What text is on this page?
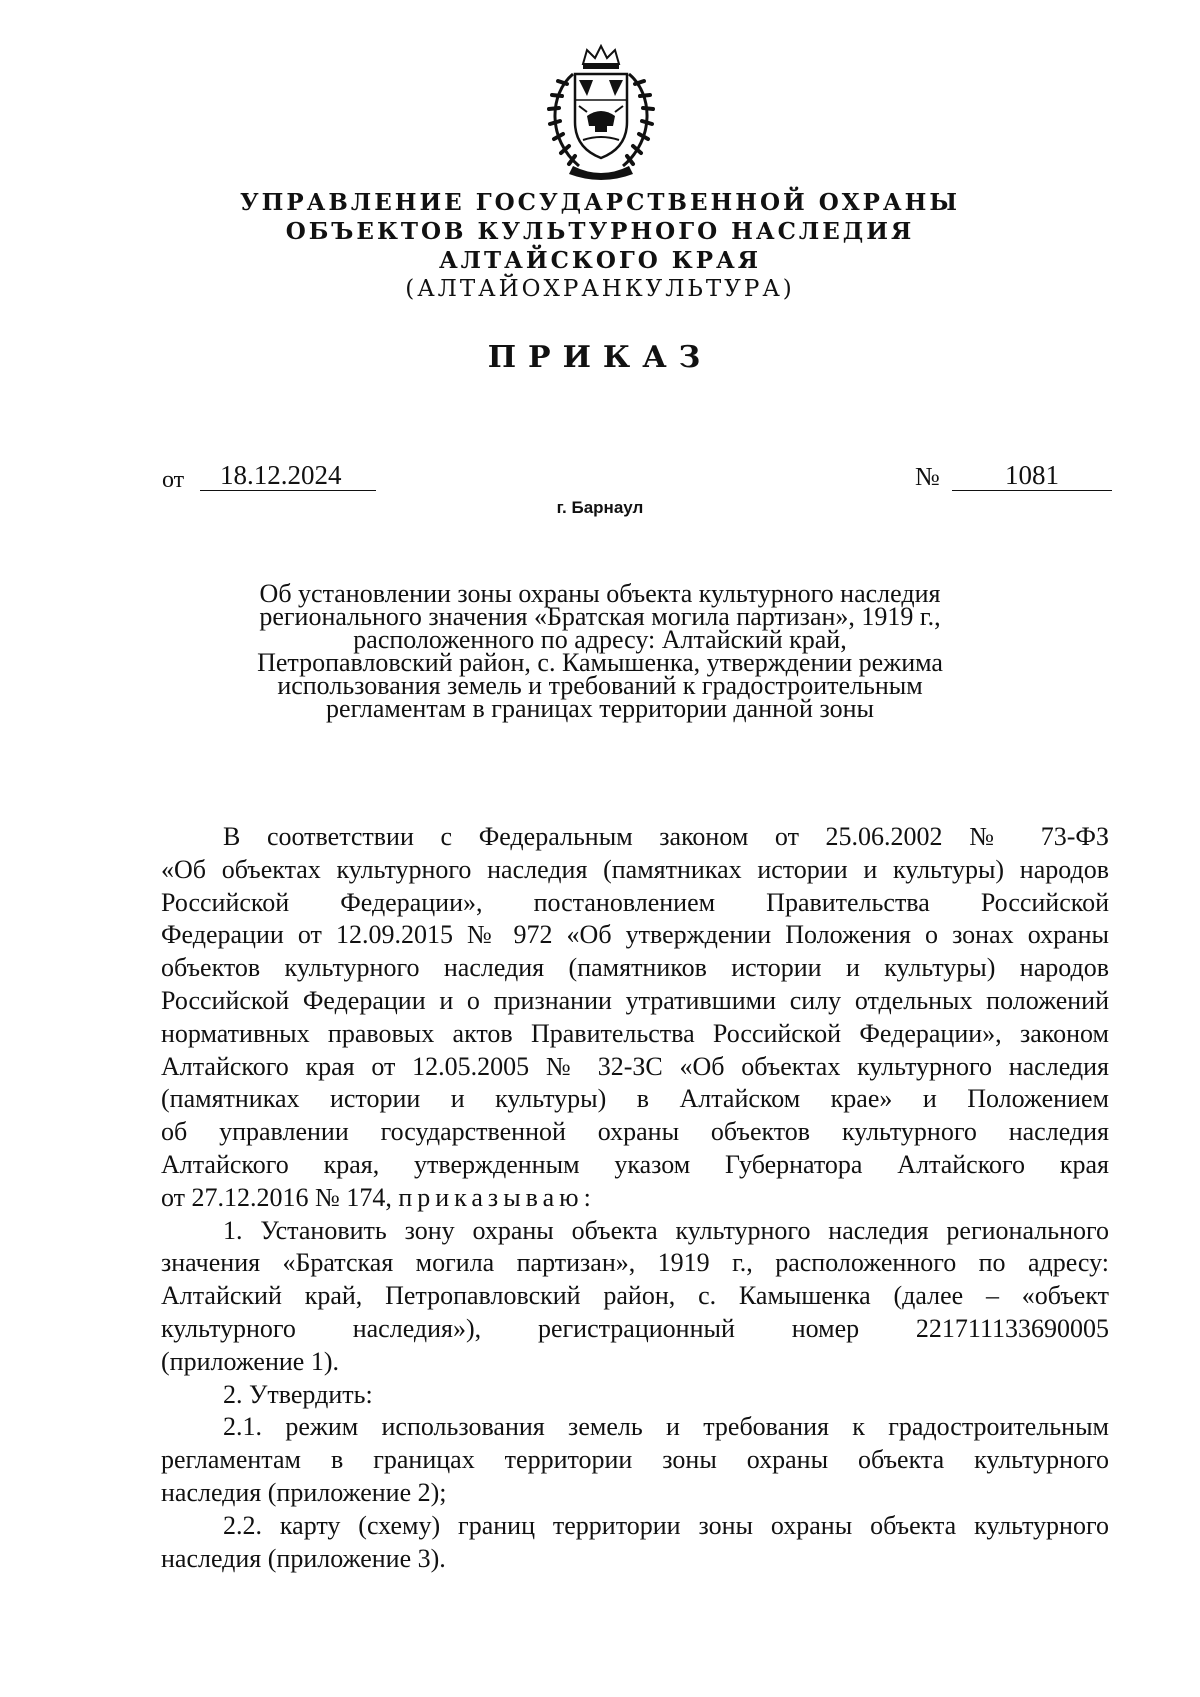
УПРАВЛЕНИЕ ГОСУДАРСТВЕННОЙ ОХРАНЫ
ОБЪЕКТОВ КУЛЬТУРНОГО НАСЛЕДИЯ
АЛТАЙСКОГО КРАЯ
(АЛТАЙОХРАНКУЛЬТУРА)
ПРИКАЗ
от	18.12.2024	№	1081
г. Барнаул
Об установлении зоны охраны объекта культурного наследия
регионального значения «Братская могила партизан», 1919 г.,
расположенного по адресу: Алтайский край,
Петропавловский район, с. Камышенка, утверждении режима
использования земель и требований к градостроительным
регламентам в границах территории данной зоны
В соответствии с Федеральным законом от 25.06.2002 № 73-ФЗ
«Об объектах культурного наследия (памятниках истории и культуры) народов
Российской Федерации», постановлением Правительства Российской
Федерации от 12.09.2015 № 972 «Об утверждении Положения о зонах охраны
объектов культурного наследия (памятников истории и культуры) народов
Российской Федерации и о признании утратившими силу отдельных положений
нормативных правовых актов Правительства Российской Федерации», законом
Алтайского края от 12.05.2005 № 32-ЗС «Об объектах культурного наследия
(памятниках истории и культуры) в Алтайском крае» и Положением
об управлении государственной охраны объектов культурного наследия
Алтайского края, утвержденным указом Губернатора Алтайского края
от 27.12.2016 № 174, приказываю:
1. Установить зону охраны объекта культурного наследия регионального
значения «Братская могила партизан», 1919 г., расположенного по адресу:
Алтайский край, Петропавловский район, с. Камышенка (далее – «объект
культурного наследия»), регистрационный номер 221711133690005
(приложение 1).
2. Утвердить:
2.1. режим использования земель и требования к градостроительным
регламентам в границах территории зоны охраны объекта культурного
наследия (приложение 2);
2.2. карту (схему) границ территории зоны охраны объекта культурного
наследия (приложение 3).
